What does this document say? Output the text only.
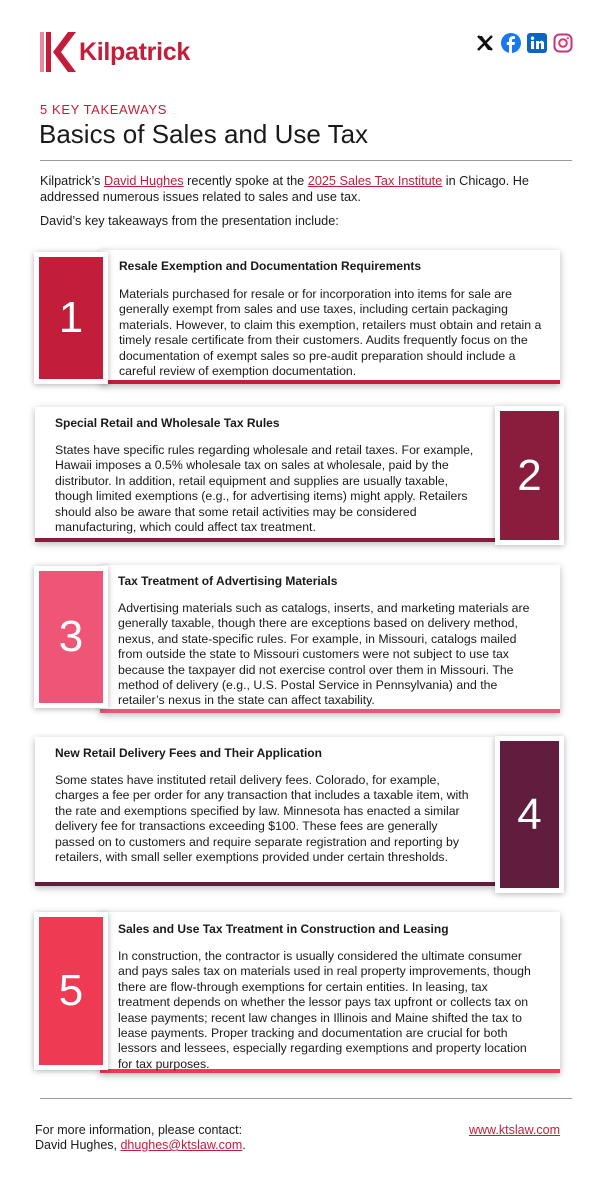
Kilpatrick
5 KEY TAKEAWAYS
Basics of Sales and Use Tax
Kilpatrick’s David Hughes recently spoke at the 2025 Sales Tax Institute in Chicago. He addressed numerous issues related to sales and use tax.
David’s key takeaways from the presentation include:
1
Resale Exemption and Documentation Requirements
Materials purchased for resale or for incorporation into items for sale are generally exempt from sales and use taxes, including certain packaging materials. However, to claim this exemption, retailers must obtain and retain a timely resale certificate from their customers. Audits frequently focus on the documentation of exempt sales so pre-audit preparation should include a careful review of exemption documentation.
2
Special Retail and Wholesale Tax Rules
States have specific rules regarding wholesale and retail taxes. For example, Hawaii imposes a 0.5% wholesale tax on sales at wholesale, paid by the distributor. In addition, retail equipment and supplies are usually taxable, though limited exemptions (e.g., for advertising items) might apply. Retailers should also be aware that some retail activities may be considered manufacturing, which could affect tax treatment.
3
Tax Treatment of Advertising Materials
Advertising materials such as catalogs, inserts, and marketing materials are generally taxable, though there are exceptions based on delivery method, nexus, and state-specific rules. For example, in Missouri, catalogs mailed from outside the state to Missouri customers were not subject to use tax because the taxpayer did not exercise control over them in Missouri. The method of delivery (e.g., U.S. Postal Service in Pennsylvania) and the retailer’s nexus in the state can affect taxability.
4
New Retail Delivery Fees and Their Application
Some states have instituted retail delivery fees. Colorado, for example, charges a fee per order for any transaction that includes a taxable item, with the rate and exemptions specified by law. Minnesota has enacted a similar delivery fee for transactions exceeding $100. These fees are generally passed on to customers and require separate registration and reporting by retailers, with small seller exemptions provided under certain thresholds.
5
Sales and Use Tax Treatment in Construction and Leasing
In construction, the contractor is usually considered the ultimate consumer and pays sales tax on materials used in real property improvements, though there are flow-through exemptions for certain entities. In leasing, tax treatment depends on whether the lessor pays tax upfront or collects tax on lease payments; recent law changes in Illinois and Maine shifted the tax to lease payments. Proper tracking and documentation are crucial for both lessors and lessees, especially regarding exemptions and property location for tax purposes.
For more information, please contact:
David Hughes, dhughes@ktslaw.com.
www.ktslaw.com
